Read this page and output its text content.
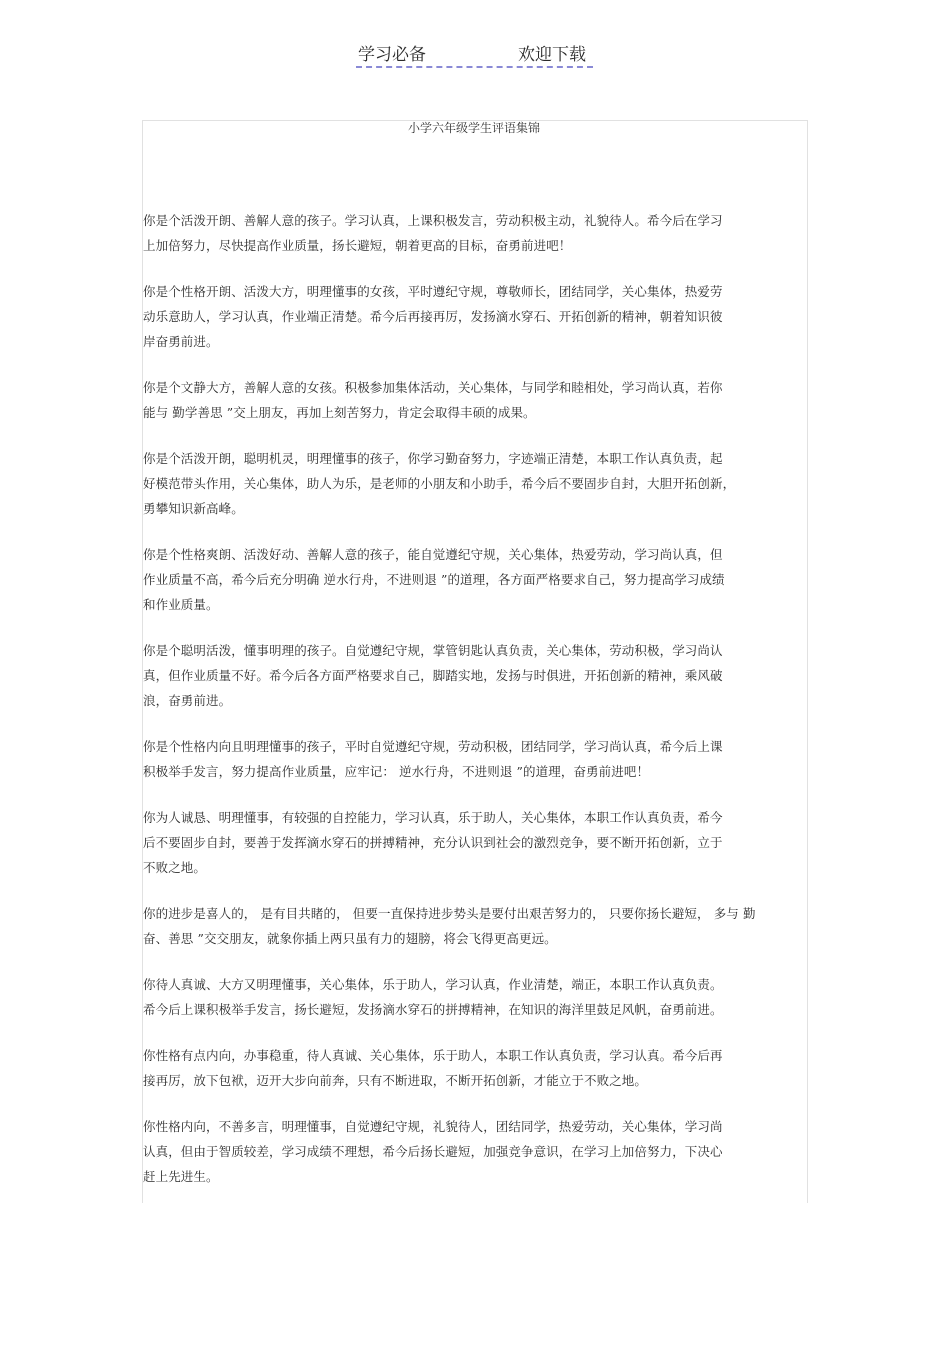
学习必备	欢迎下载
小学六年级学生评语集锦
你是个活泼开朗、善解人意的孩子。学习认真，上课积极发言，劳动积极主动，礼貌待人。希今后在学习
上加倍努力，尽快提高作业质量，扬长避短，朝着更高的目标，奋勇前进吧！
你是个性格开朗、活泼大方，明理懂事的女孩，平时遵纪守规，尊敬师长，团结同学，关心集体，热爱劳
动乐意助人，学习认真，作业端正清楚。希今后再接再厉，发扬滴水穿石、开拓创新的精神，朝着知识彼
岸奋勇前进。
你是个文静大方，善解人意的女孩。积极参加集体活动，关心集体，与同学和睦相处，学习尚认真，若你
能与 勤学善思 ”交上朋友，再加上刻苦努力，肯定会取得丰硕的成果。
你是个活泼开朗，聪明机灵，明理懂事的孩子，你学习勤奋努力，字迹端正清楚，本职工作认真负责，起
好模范带头作用，关心集体，助人为乐，是老师的小朋友和小助手，希今后不要固步自封，大胆开拓创新，
勇攀知识新高峰。
你是个性格爽朗、活泼好动、善解人意的孩子，能自觉遵纪守规，关心集体，热爱劳动，学习尚认真，但
作业质量不高，希今后充分明确 逆水行舟，不进则退 ”的道理，各方面严格要求自己，努力提高学习成绩
和作业质量。
你是个聪明活泼，懂事明理的孩子。自觉遵纪守规，掌管钥匙认真负责，关心集体，劳动积极，学习尚认
真，但作业质量不好。希今后各方面严格要求自己，脚踏实地，发扬与时俱进，开拓创新的精神，乘风破
浪，奋勇前进。
你是个性格内向且明理懂事的孩子，平时自觉遵纪守规，劳动积极，团结同学，学习尚认真，希今后上课
积极举手发言，努力提高作业质量，应牢记： 逆水行舟，不进则退 ”的道理，奋勇前进吧！
你为人诚恳、明理懂事，有较强的自控能力，学习认真，乐于助人，关心集体，本职工作认真负责，希今
后不要固步自封，要善于发挥滴水穿石的拼搏精神，充分认识到社会的激烈竞争，要不断开拓创新，立于
不败之地。
你的进步是喜人的， 是有目共睹的， 但要一直保持进步势头是要付出艰苦努力的， 只要你扬长避短， 多与 勤
奋、善思 ”交交朋友，就象你插上两只虽有力的翅膀，将会飞得更高更远。
你待人真诚、大方又明理懂事，关心集体，乐于助人，学习认真，作业清楚，端正，本职工作认真负责。
希今后上课积极举手发言，扬长避短，发扬滴水穿石的拼搏精神，在知识的海洋里鼓足风帆，奋勇前进。
你性格有点内向，办事稳重，待人真诚、关心集体，乐于助人，本职工作认真负责，学习认真。希今后再
接再厉，放下包袱，迈开大步向前奔，只有不断进取，不断开拓创新，才能立于不败之地。
你性格内向，不善多言，明理懂事，自觉遵纪守规，礼貌待人，团结同学，热爱劳动，关心集体，学习尚
认真，但由于智质较差，学习成绩不理想，希今后扬长避短，加强竞争意识，在学习上加倍努力，下决心
赶上先进生。
